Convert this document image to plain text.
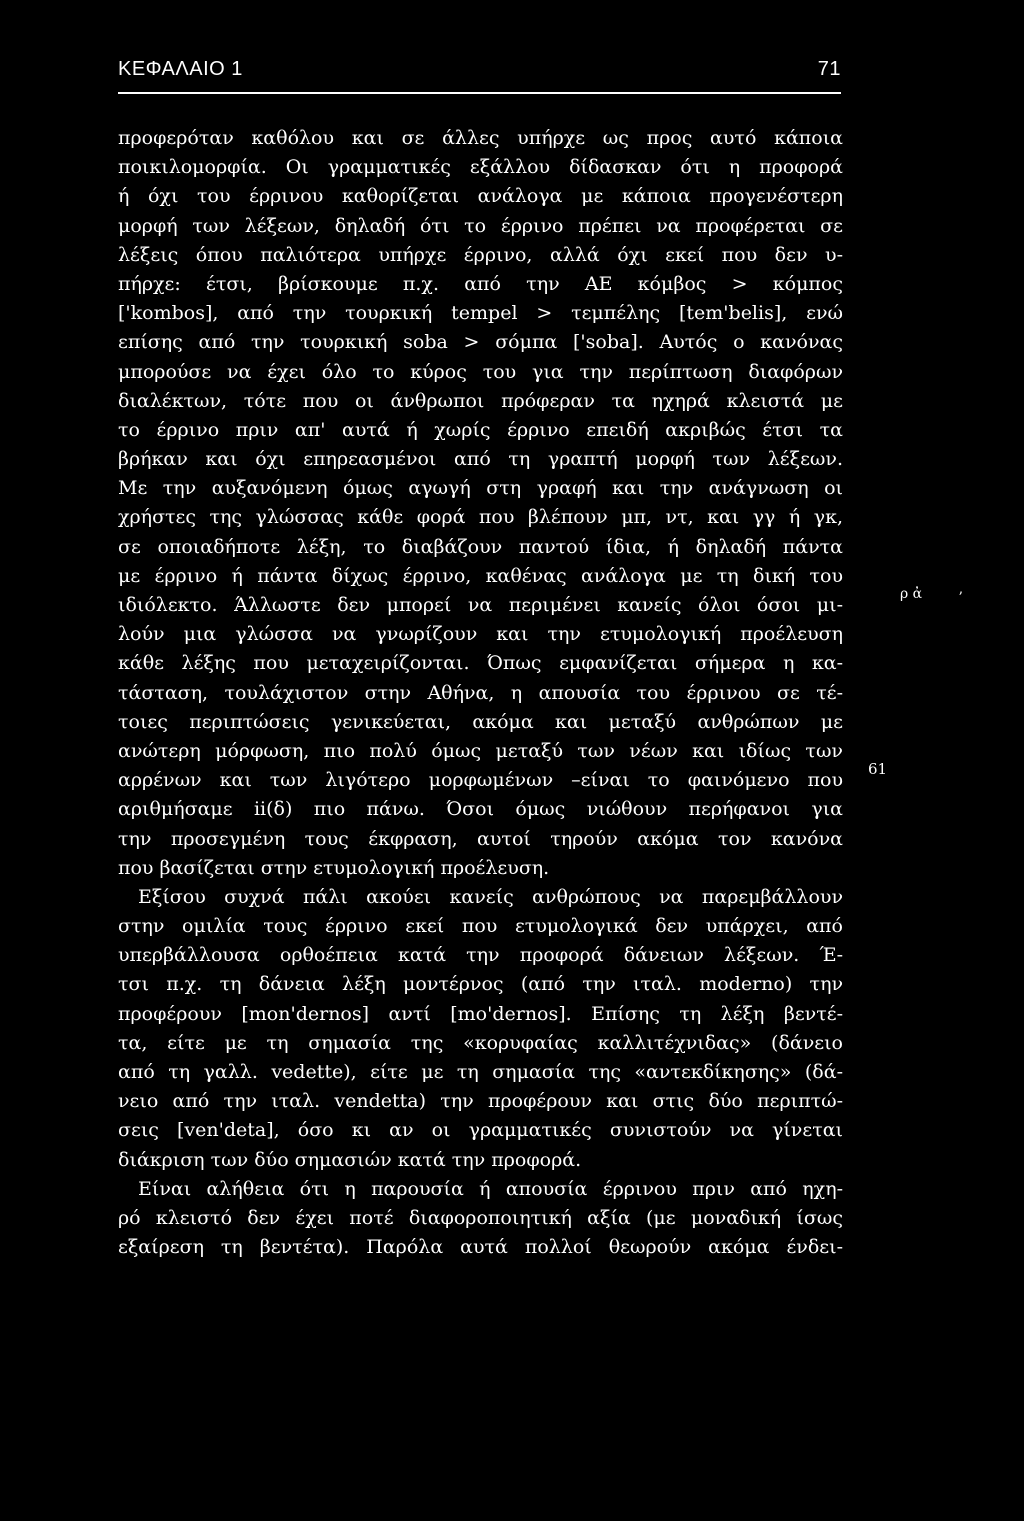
ΚΕΦΑΛΑΙΟ 1	71
προφερόταν καθόλου και σε άλλες υπήρχε ως προς αυτό κάποια
ποικιλομορφία. Οι γραμματικές εξάλλου δίδασκαν ότι η προφορά
ή όχι του έρρινου καθορίζεται ανάλογα με κάποια προγενέστερη
μορφή των λέξεων, δηλαδή ότι το έρρινο πρέπει να προφέρεται σε
λέξεις όπου παλιότερα υπήρχε έρρινο, αλλά όχι εκεί που δεν υ-
πήρχε: έτσι, βρίσκουμε π.χ. από την ΑΕ κόμβος > κόμπος
['kombos], από την τουρκική tempel > τεμπέλης [tem'belis], ενώ
επίσης από την τουρκική soba > σόμπα ['soba]. Αυτός ο κανόνας
μπορούσε να έχει όλο το κύρος του για την περίπτωση διαφόρων
διαλέκτων, τότε που οι άνθρωποι πρόφεραν τα ηχηρά κλειστά με
το έρρινο πριν απ' αυτά ή χωρίς έρρινο επειδή ακριβώς έτσι τα
βρήκαν και όχι επηρεασμένοι από τη γραπτή μορφή των λέξεων.
Με την αυξανόμενη όμως αγωγή στη γραφή και την ανάγνωση οι
χρήστες της γλώσσας κάθε φορά που βλέπουν μπ, ντ, και γγ ή γκ,
σε οποιαδήποτε λέξη, το διαβάζουν παντού ίδια, ή δηλαδή πάντα
με έρρινο ή πάντα δίχως έρρινο, καθένας ανάλογα με τη δική του
ιδιόλεκτο. Άλλωστε δεν μπορεί να περιμένει κανείς όλοι όσοι μι-
λούν μια γλώσσα να γνωρίζουν και την ετυμολογική προέλευση
κάθε λέξης που μεταχειρίζονται. Όπως εμφανίζεται σήμερα η κα-
τάσταση, τουλάχιστον στην Αθήνα, η απουσία του έρρινου σε τέ-
τοιες περιπτώσεις γενικεύεται, ακόμα και μεταξύ ανθρώπων με
ανώτερη μόρφωση, πιο πολύ όμως μεταξύ των νέων και ιδίως των
αρρένων και των λιγότερο μορφωμένων –είναι το φαινόμενο που
αριθμήσαμε ii(δ) πιο πάνω. Όσοι όμως νιώθουν περήφανοι για
την προσεγμένη τους έκφραση, αυτοί τηρούν ακόμα τον κανόνα
που βασίζεται στην ετυμολογική προέλευση.
Εξίσου συχνά πάλι ακούει κανείς ανθρώπους να παρεμβάλλουν
στην ομιλία τους έρρινο εκεί που ετυμολογικά δεν υπάρχει, από
υπερβάλλουσα ορθοέπεια κατά την προφορά δάνειων λέξεων. Έ-
τσι π.χ. τη δάνεια λέξη μοντέρνος (από την ιταλ. moderno) την
προφέρουν [mon'dernos] αντί [mo'dernos]. Επίσης τη λέξη βεντέ-
τα, είτε με τη σημασία της «κορυφαίας καλλιτέχνιδας» (δάνειο
από τη γαλλ. vedette), είτε με τη σημασία της «αντεκδίκησης» (δά-
νειο από την ιταλ. vendetta) την προφέρουν και στις δύο περιπτώ-
σεις [ven'deta], όσο κι αν οι γραμματικές συνιστούν να γίνεται
διάκριση των δύο σημασιών κατά την προφορά.
Είναι αλήθεια ότι η παρουσία ή απουσία έρρινου πριν από ηχη-
ρό κλειστό δεν έχει ποτέ διαφοροποιητική αξία (με μοναδική ίσως
εξαίρεση τη βεντέτα). Παρόλα αυτά πολλοί θεωρούν ακόμα ένδει-
ρ ἀ	ʼ
61
